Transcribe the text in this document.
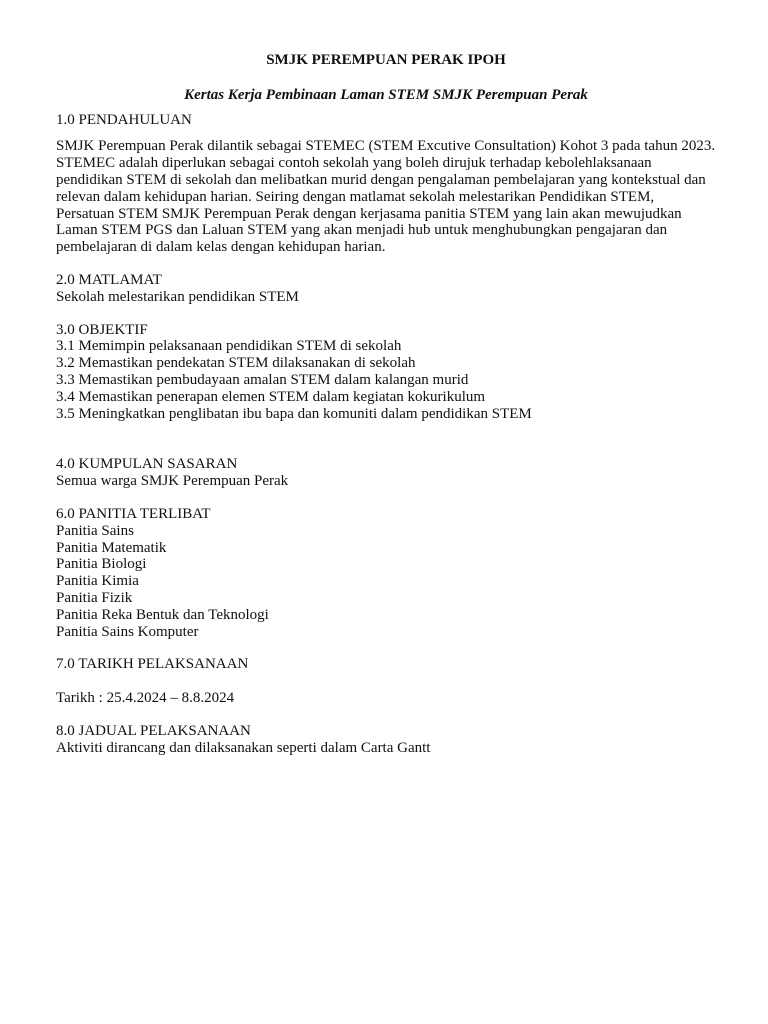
SMJK PEREMPUAN PERAK IPOH

Kertas Kerja Pembinaan Laman STEM SMJK Perempuan Perak

1.0 PENDAHULUAN

SMJK Perempuan Perak dilantik sebagai STEMEC (STEM Excutive Consultation) Kohot 3 pada tahun 2023. STEMEC adalah diperlukan sebagai contoh sekolah yang boleh dirujuk terhadap kebolehlaksanaan pendidikan STEM di sekolah dan melibatkan murid dengan pengalaman pembelajaran yang kontekstual dan relevan dalam kehidupan harian. Seiring dengan matlamat sekolah melestarikan Pendidikan STEM, Persatuan STEM SMJK Perempuan Perak dengan kerjasama panitia STEM yang lain akan mewujudkan Laman STEM PGS dan Laluan STEM yang akan menjadi hub untuk menghubungkan pengajaran dan pembelajaran di dalam kelas dengan kehidupan harian.

2.0 MATLAMAT

Sekolah melestarikan pendidikan STEM

3.0 OBJEKTIF

3.1 Memimpin pelaksanaan pendidikan STEM di sekolah
3.2 Memastikan pendekatan STEM dilaksanakan di sekolah
3.3 Memastikan pembudayaan amalan STEM dalam kalangan murid
3.4 Memastikan penerapan elemen STEM dalam kegiatan kokurikulum
3.5 Meningkatkan penglibatan ibu bapa dan komuniti dalam pendidikan STEM

4.0 KUMPULAN SASARAN

Semua warga SMJK Perempuan Perak

6.0 PANITIA TERLIBAT

Panitia Sains
Panitia Matematik
Panitia Biologi
Panitia Kimia
Panitia Fizik
Panitia Reka Bentuk dan Teknologi
Panitia Sains Komputer

7.0 TARIKH PELAKSANAAN

Tarikh : 25.4.2024 – 8.8.2024

8.0 JADUAL PELAKSANAAN

Aktiviti dirancang dan dilaksanakan seperti dalam Carta Gantt
